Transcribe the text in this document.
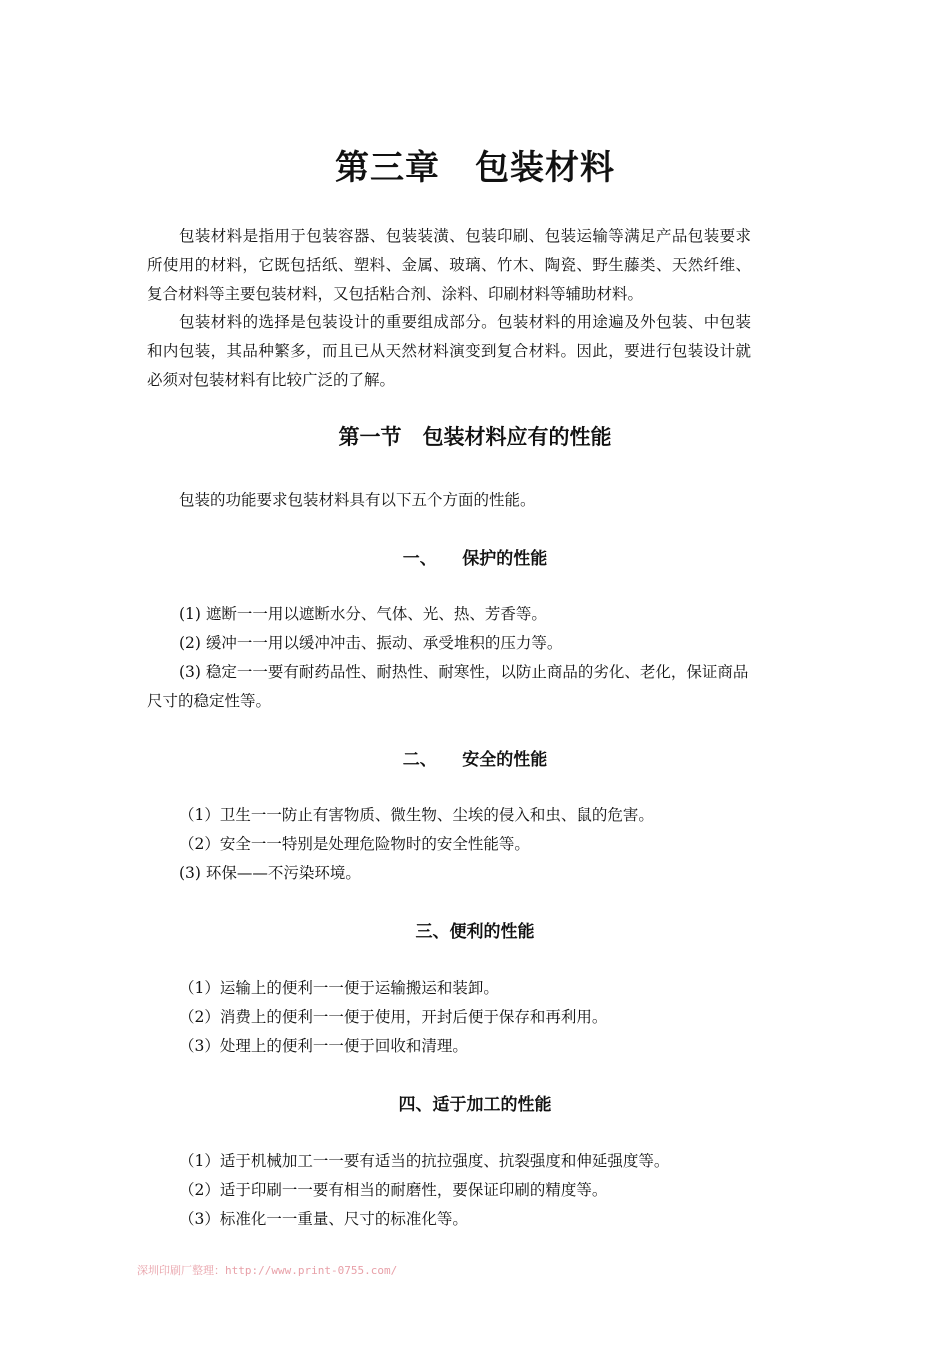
第三章　包装材料

包装材料是指用于包装容器、包装装潢、包装印刷、包装运输等满足产品包装要求所使用的材料，它既包括纸、塑料、金属、玻璃、竹木、陶瓷、野生藤类、天然纤维、复合材料等主要包装材料，又包括粘合剂、涂料、印刷材料等辅助材料。

包装材料的选择是包装设计的重要组成部分。包装材料的用途遍及外包装、中包装和内包装，其品种繁多，而且已从天然材料演变到复合材料。因此，要进行包装设计就必须对包装材料有比较广泛的了解。

第一节　包装材料应有的性能

包装的功能要求包装材料具有以下五个方面的性能。

一、　　保护的性能

(1) 遮断一一用以遮断水分、气体、光、热、芳香等。

(2) 缓冲一一用以缓冲冲击、振动、承受堆积的压力等。

(3) 稳定一一要有耐药品性、耐热性、耐寒性，以防止商品的劣化、老化，保证商品尺寸的稳定性等。

二、　　安全的性能

（1）卫生一一防止有害物质、微生物、尘埃的侵入和虫、鼠的危害。

（2）安全一一特别是处理危险物时的安全性能等。

(3) 环保——不污染环境。

三、便利的性能

（1）运输上的便利一一便于运输搬运和装卸。

（2）消费上的便利一一便于使用，开封后便于保存和再利用。

（3）处理上的便利一一便于回收和清理。

四、适于加工的性能

（1）适于机械加工一一要有适当的抗拉强度、抗裂强度和伸延强度等。

（2）适于印刷一一要有相当的耐磨性，要保证印刷的精度等。

（3）标准化一一重量、尺寸的标准化等。

深圳印刷厂整理：http://www.print-0755.com/
